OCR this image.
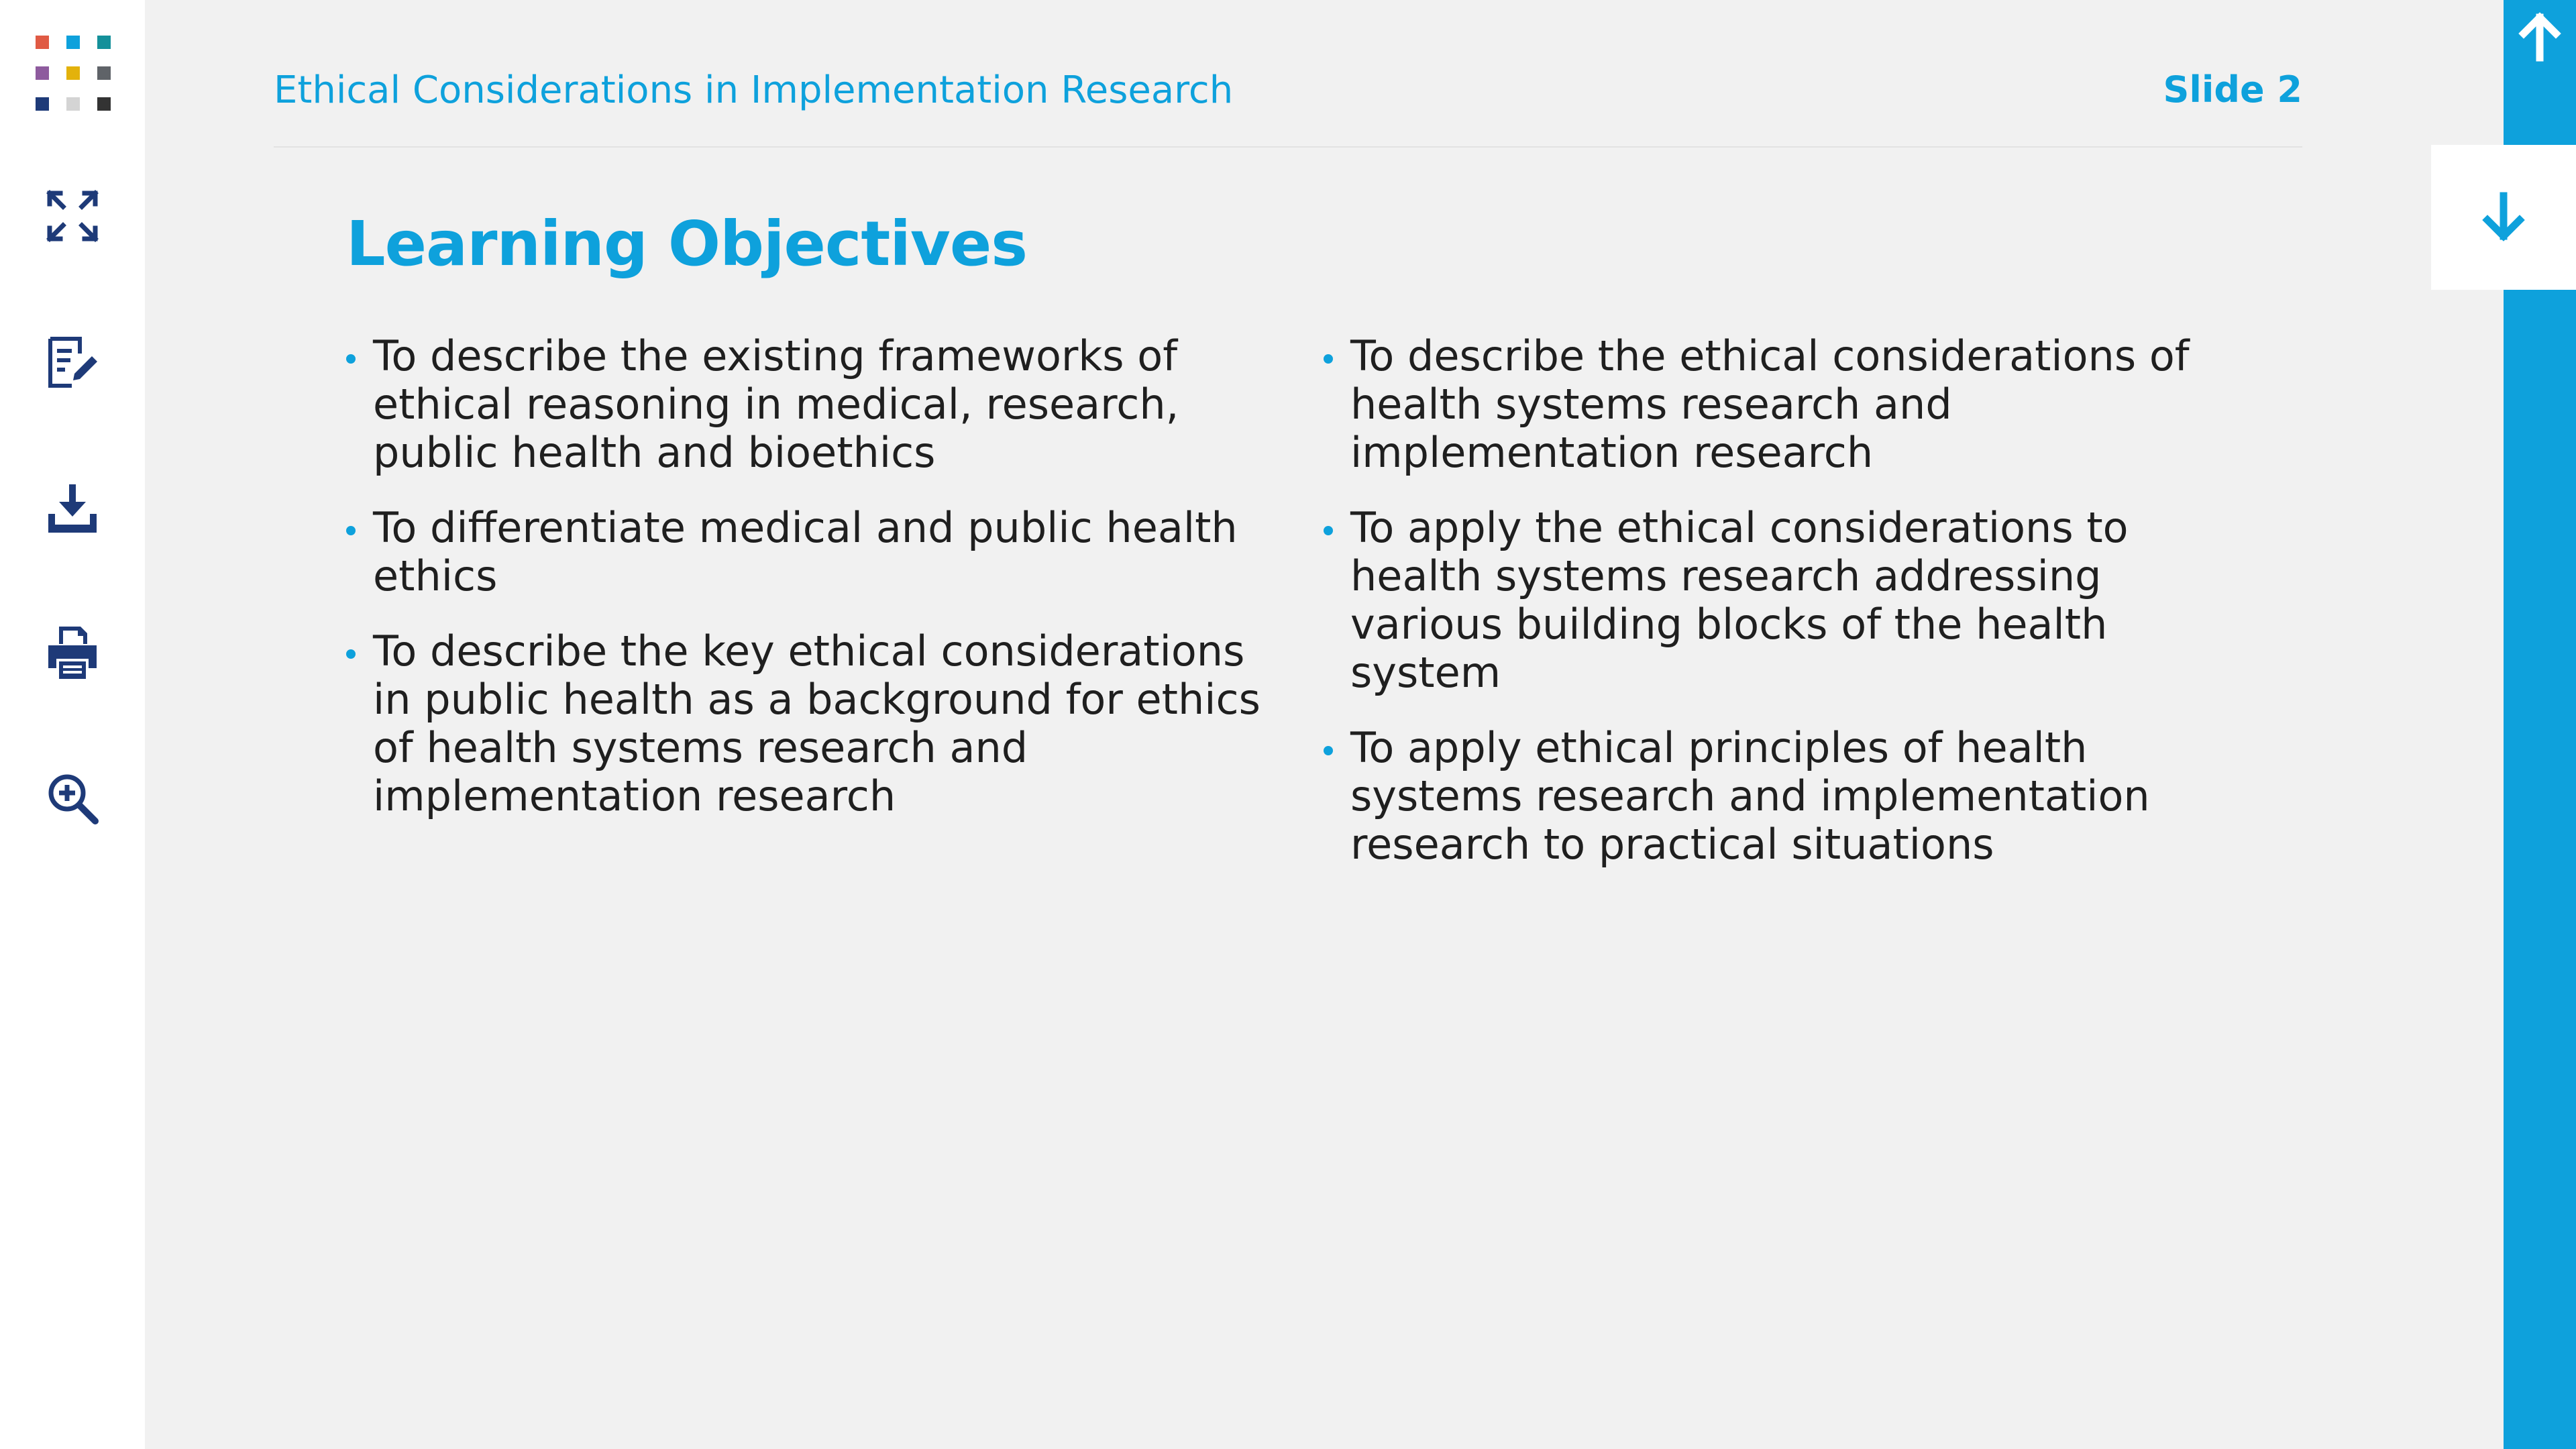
Ethical Considerations in Implementation Research	Slide 2
Learning Objectives
To describe the existing frameworks of ethical reasoning in medical, research, public health and bioethics
To differentiate medical and public health ethics
To describe the key ethical considerations in public health as a background for ethics of health systems research and implementation research
To describe the ethical considerations of health systems research and implementation research
To apply the ethical considerations to health systems research addressing various building blocks of the health system
To apply ethical principles of health systems research and implementation research to practical situations
